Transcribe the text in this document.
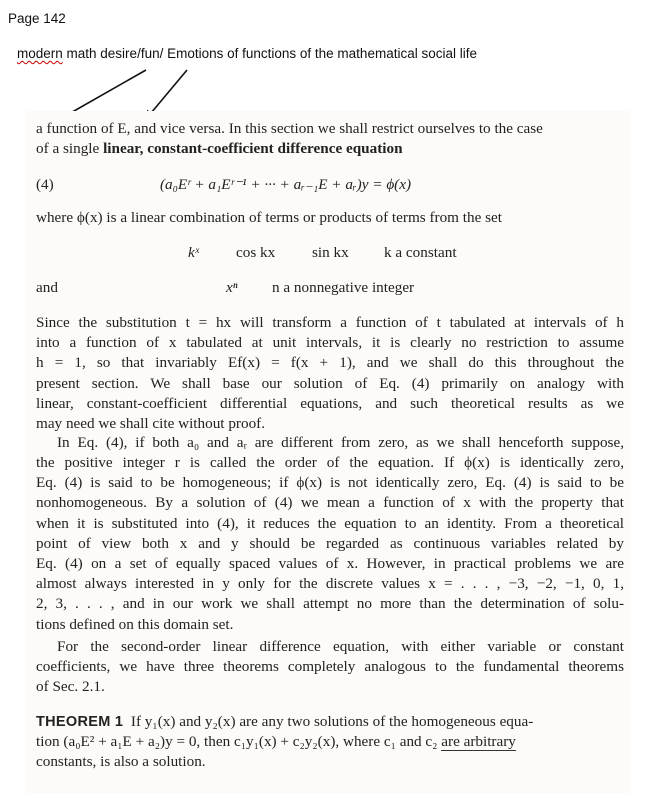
Page 142
modern math desire/fun/ Emotions of functions of the mathematical social life
a function of E, and vice versa. In this section we shall restrict ourselves to the case
of a single linear, constant-coefficient difference equation
(4)	(a₀Eʳ + a₁Eʳ⁻¹ + ··· + aᵣ₋₁E + aᵣ)y = ϕ(x)
where ϕ(x) is a linear combination of terms or products of terms from the set
kˣ cos kx sin kx k a constant
and	xⁿ n a nonnegative integer
Since the substitution t = hx will transform a function of t tabulated at intervals of h
into a function of x tabulated at unit intervals, it is clearly no restriction to assume
h = 1, so that invariably Ef(x) = f(x + 1), and we shall do this throughout the
present section. We shall base our solution of Eq. (4) primarily on analogy with
linear, constant-coefficient differential equations, and such theoretical results as we
may need we shall cite without proof.
In Eq. (4), if both a₀ and aᵣ are different from zero, as we shall henceforth suppose,
the positive integer r is called the order of the equation. If ϕ(x) is identically zero,
Eq. (4) is said to be homogeneous; if ϕ(x) is not identically zero, Eq. (4) is said to be
nonhomogeneous. By a solution of (4) we mean a function of x with the property that
when it is substituted into (4), it reduces the equation to an identity. From a theoretical
point of view both x and y should be regarded as continuous variables related by
Eq. (4) on a set of equally spaced values of x. However, in practical problems we are
almost always interested in y only for the discrete values x = . . . , −3, −2, −1, 0, 1,
2, 3, . . . , and in our work we shall attempt no more than the determination of solu-
tions defined on this domain set.
For the second-order linear difference equation, with either variable or constant
coefficients, we have three theorems completely analogous to the fundamental theorems
of Sec. 2.1.
THEOREM 1 If y₁(x) and y₂(x) are any two solutions of the homogeneous equa-
tion (a₀E² + a₁E + a₂)y = 0, then c₁y₁(x) + c₂y₂(x), where c₁ and c₂ are arbitrary
constants, is also a solution.
